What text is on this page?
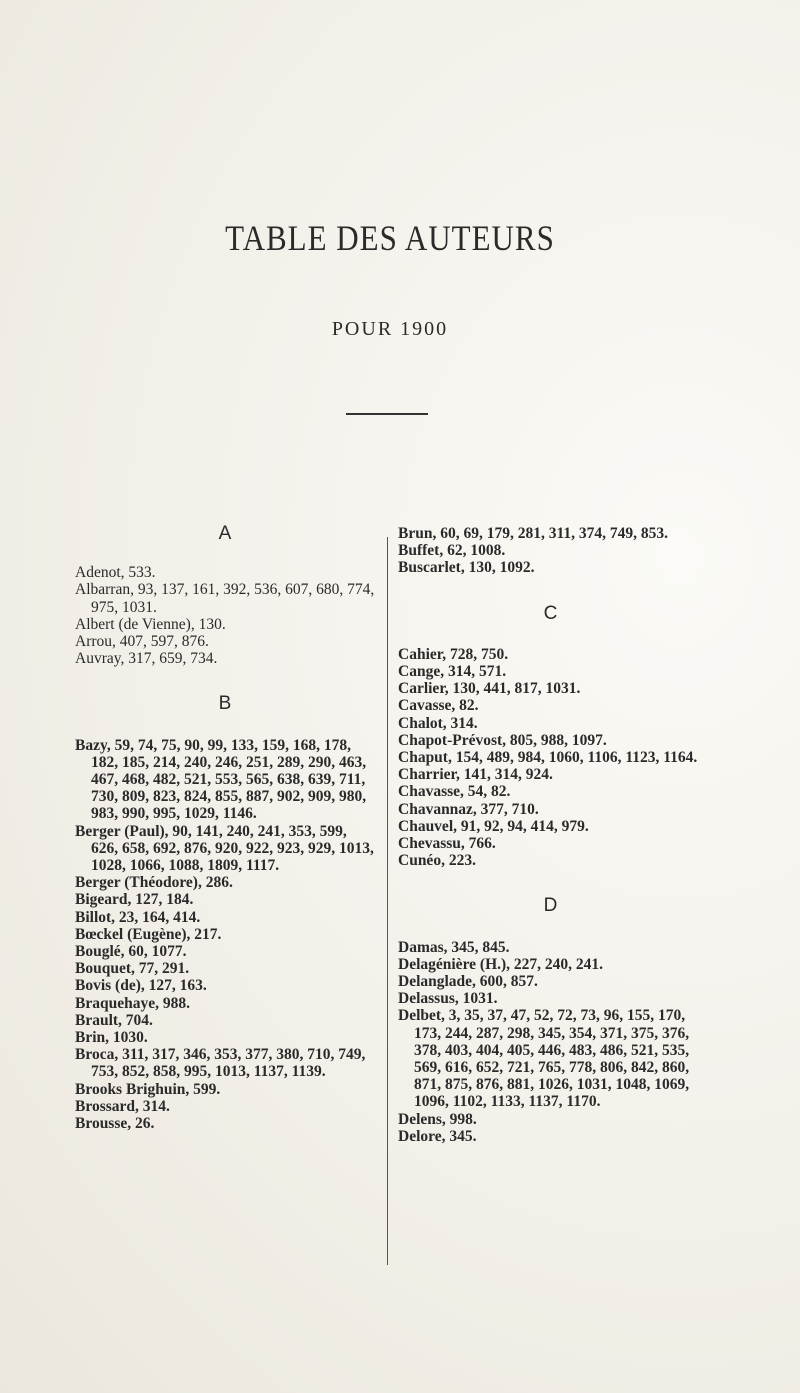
TABLE DES AUTEURS
POUR 1900

A

Adenot, 533.
Albarran, 93, 137, 161, 392, 536, 607, 680, 774, 975, 1031.
Albert (de Vienne), 130.
Arrou, 407, 597, 876.
Auvray, 317, 659, 734.

B

Bazy, 59, 74, 75, 90, 99, 133, 159, 168, 178, 182, 185, 214, 240, 246, 251, 289, 290, 463, 467, 468, 482, 521, 553, 565, 638, 639, 711, 730, 809, 823, 824, 855, 887, 902, 909, 980, 983, 990, 995, 1029, 1146.
Berger (Paul), 90, 141, 240, 241, 353, 599, 626, 658, 692, 876, 920, 922, 923, 929, 1013, 1028, 1066, 1088, 1809, 1117.
Berger (Théodore), 286.
Bigeard, 127, 184.
Billot, 23, 164, 414.
Bœckel (Eugène), 217.
Bouglé, 60, 1077.
Bouquet, 77, 291.
Bovis (de), 127, 163.
Braquehaye, 988.
Brault, 704.
Brin, 1030.
Broca, 311, 317, 346, 353, 377, 380, 710, 749, 753, 852, 858, 995, 1013, 1137, 1139.
Brooks Brighuin, 599.
Brossard, 314.
Brousse, 26.
Brun, 60, 69, 179, 281, 311, 374, 749, 853.
Buffet, 62, 1008.
Buscarlet, 130, 1092.

C

Cahier, 728, 750.
Cange, 314, 571.
Carlier, 130, 441, 817, 1031.
Cavasse, 82.
Chalot, 314.
Chapot-Prévost, 805, 988, 1097.
Chaput, 154, 489, 984, 1060, 1106, 1123, 1164.
Charrier, 141, 314, 924.
Chavasse, 54, 82.
Chavannaz, 377, 710.
Chauvel, 91, 92, 94, 414, 979.
Chevassu, 766.
Cunéo, 223.

D

Damas, 345, 845.
Delagénière (H.), 227, 240, 241.
Delanglade, 600, 857.
Delassus, 1031.
Delbet, 3, 35, 37, 47, 52, 72, 73, 96, 155, 170, 173, 244, 287, 298, 345, 354, 371, 375, 376, 378, 403, 404, 405, 446, 483, 486, 521, 535, 569, 616, 652, 721, 765, 778, 806, 842, 860, 871, 875, 876, 881, 1026, 1031, 1048, 1069, 1096, 1102, 1133, 1137, 1170.
Delens, 998.
Delore, 345.
